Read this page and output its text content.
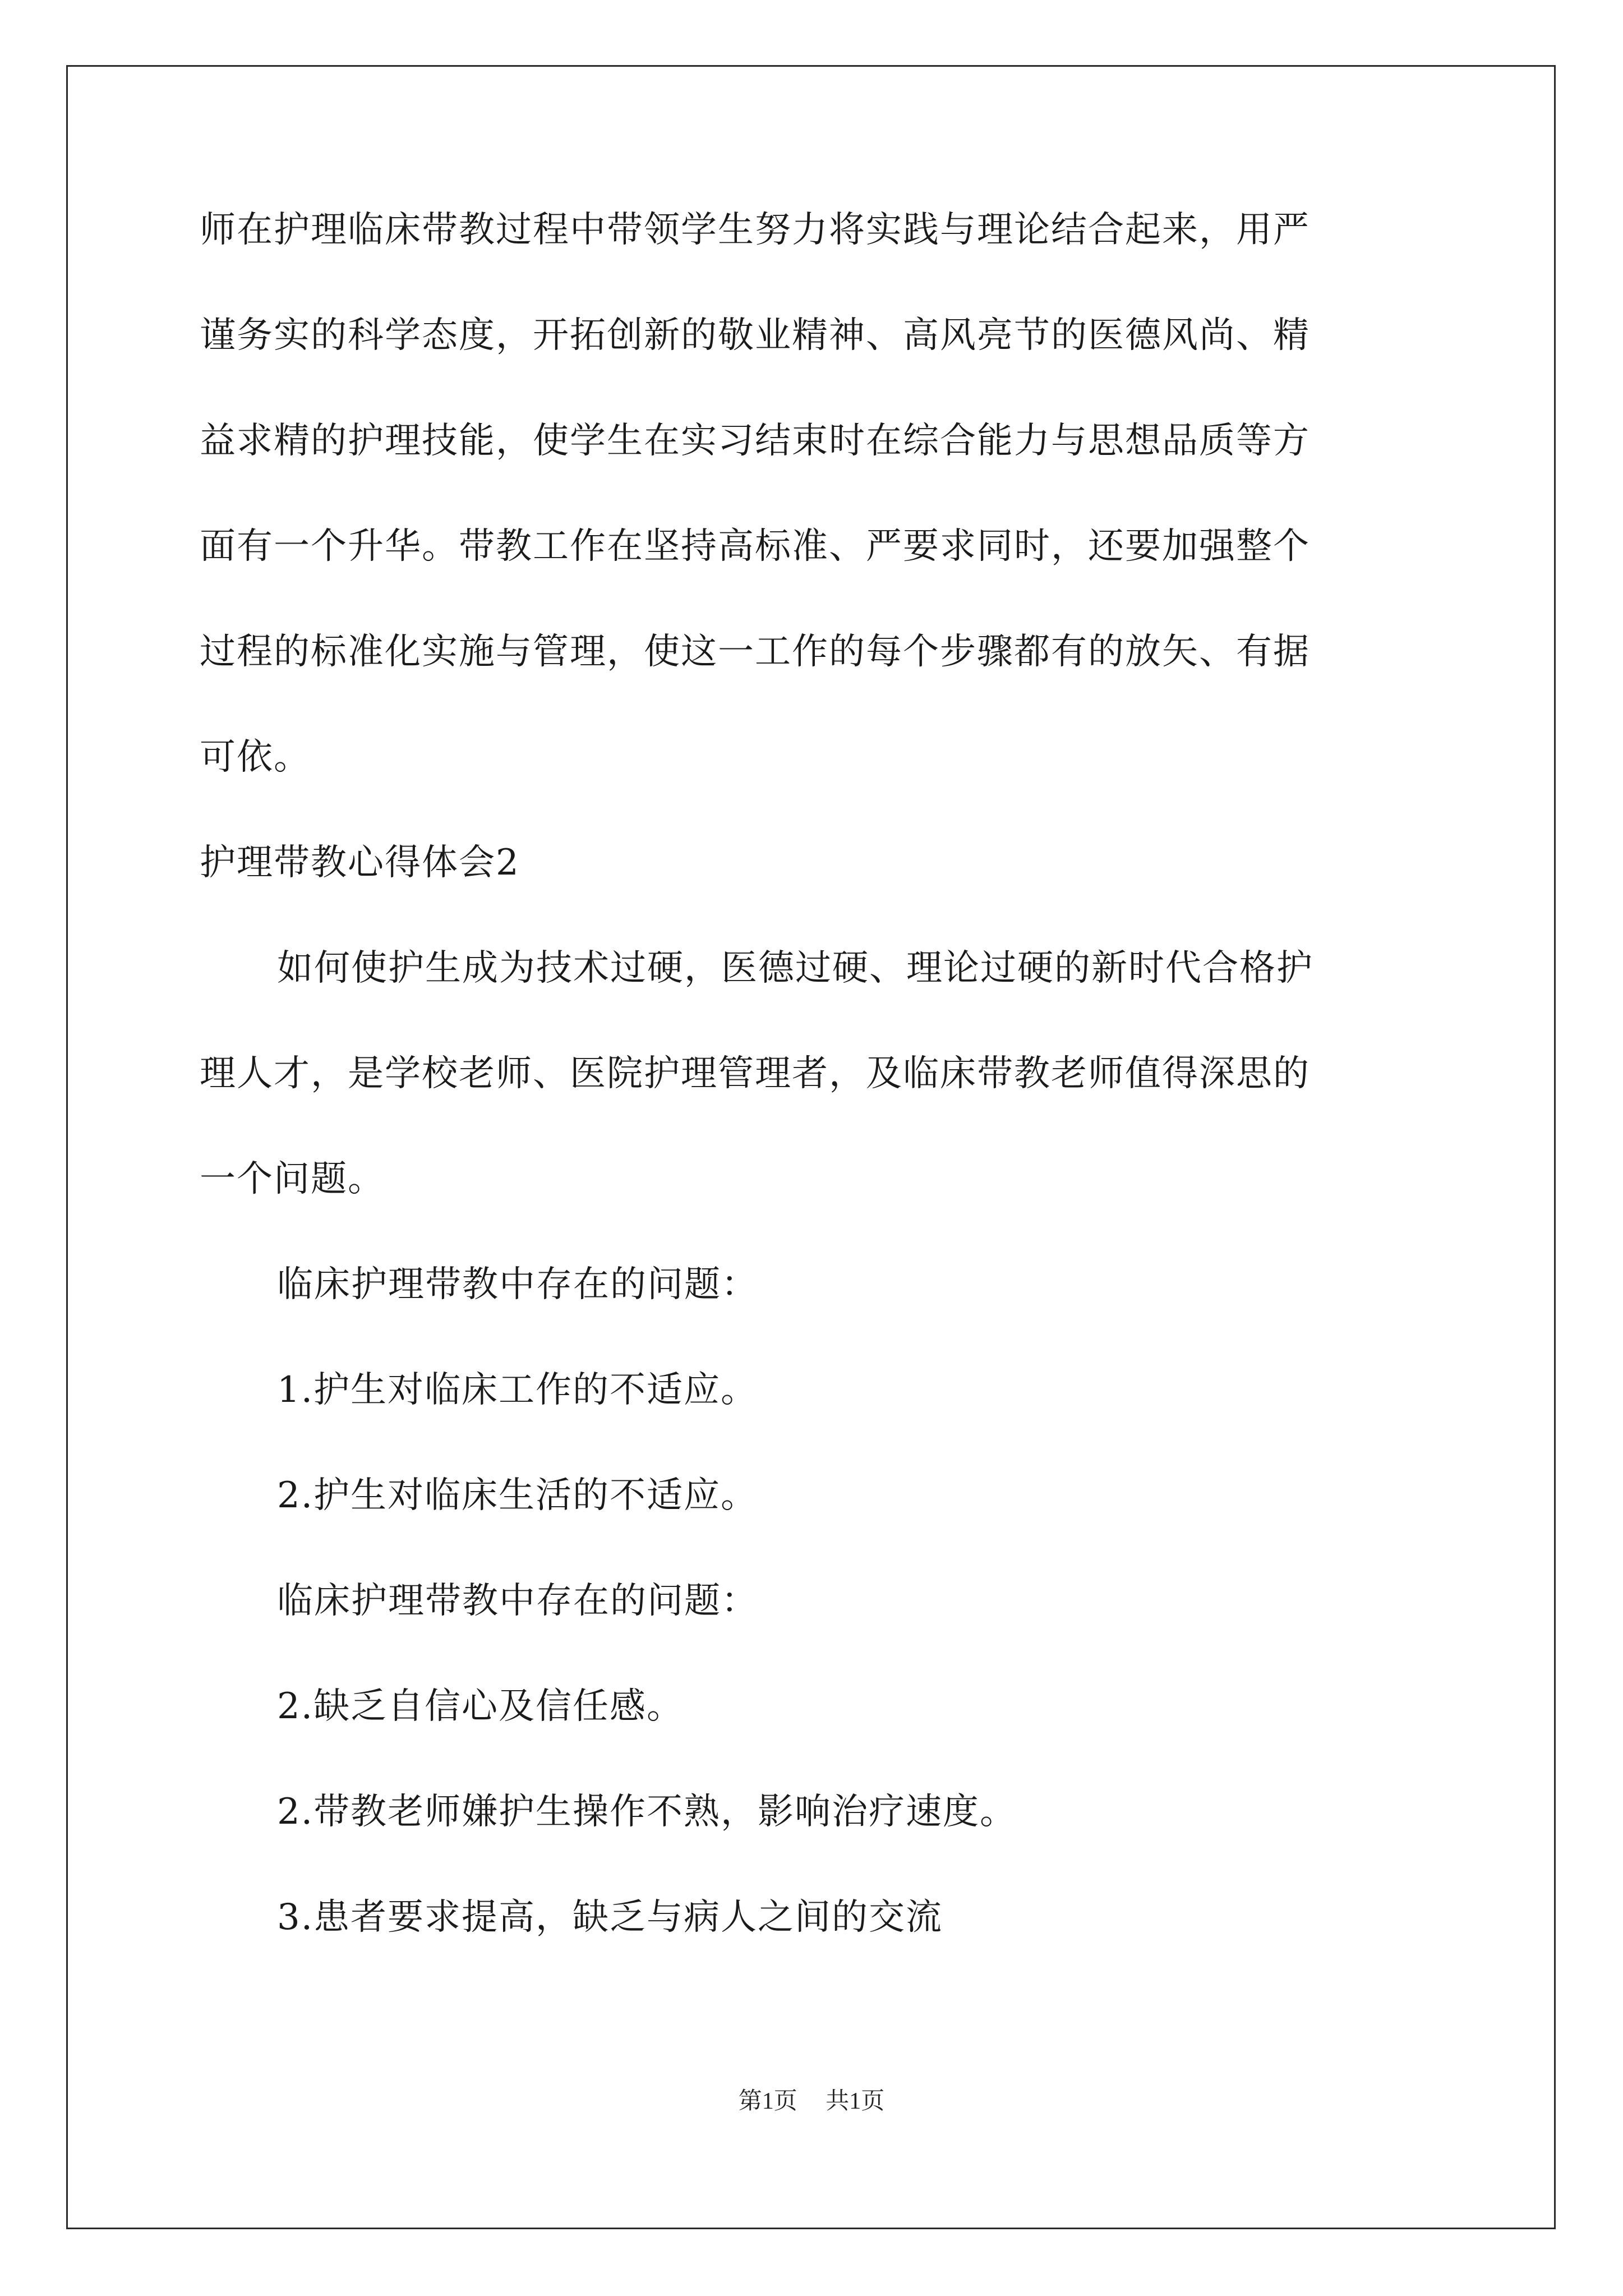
师在护理临床带教过程中带领学生努力将实践与理论结合起来，用严
谨务实的科学态度，开拓创新的敬业精神、高风亮节的医德风尚、精
益求精的护理技能，使学生在实习结束时在综合能力与思想品质等方
面有一个升华。带教工作在坚持高标准、严要求同时，还要加强整个
过程的标准化实施与管理，使这一工作的每个步骤都有的放矢、有据
可依。
护理带教心得体会2
如何使护生成为技术过硬，医德过硬、理论过硬的新时代合格护
理人才，是学校老师、医院护理管理者，及临床带教老师值得深思的
一个问题。
临床护理带教中存在的问题：
1.护生对临床工作的不适应。
2.护生对临床生活的不适应。
临床护理带教中存在的问题：
2.缺乏自信心及信任感。
2.带教老师嫌护生操作不熟，影响治疗速度。
3.患者要求提高，缺乏与病人之间的交流
第1页 共1页
